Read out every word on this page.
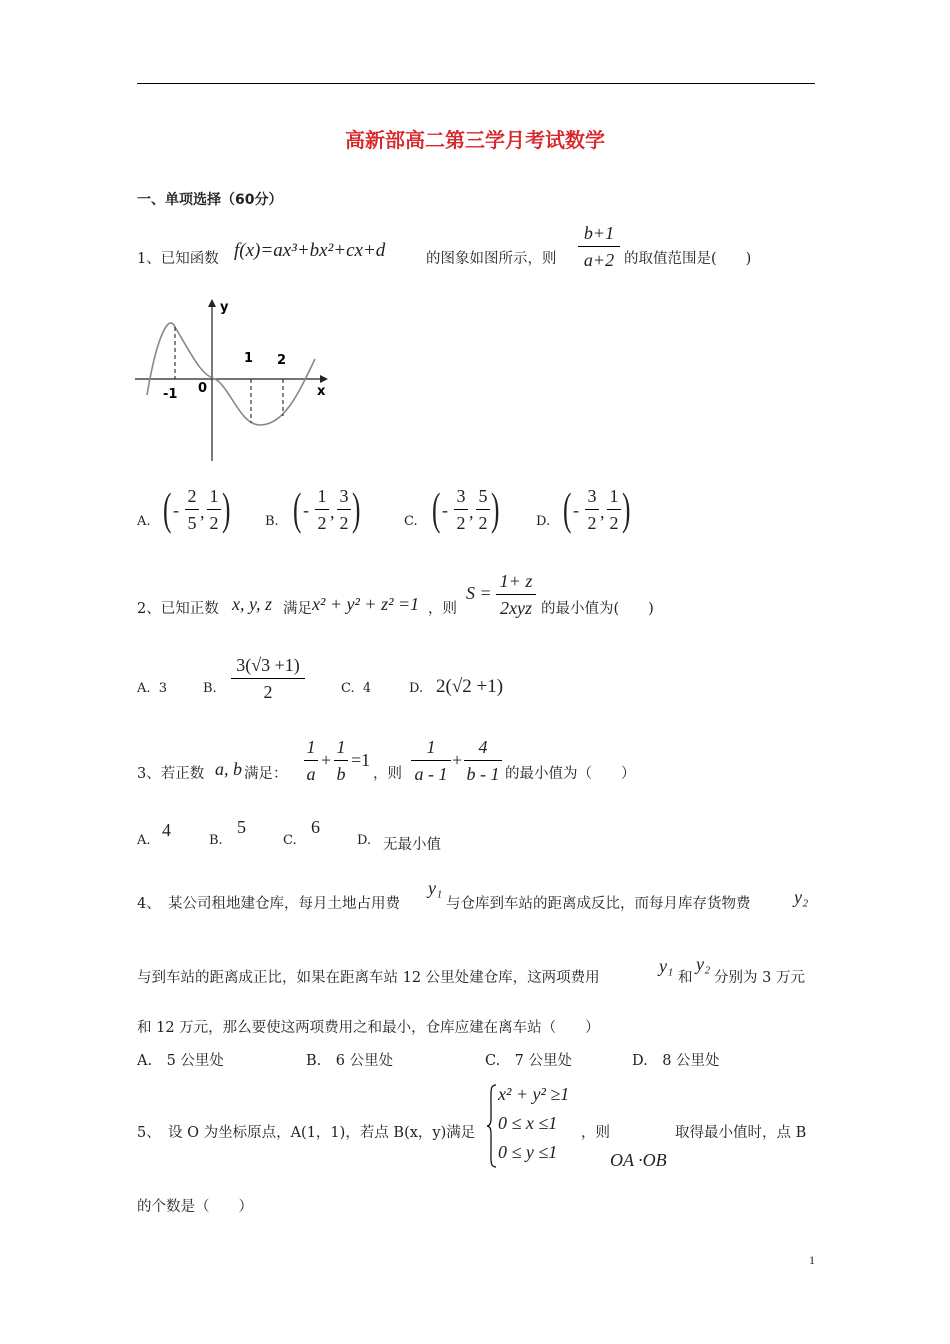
高新部高二第三学月考试数学
一、单项选择（60分）
1、已知函数 f(x)=ax³+bx²+cx+d	的图象如图所示，则
b+1
a+2 的取值范围是(　　)
y
x
0
-1
1 2
A. ( -
2
5
,
1
2 )	B. ( -
1
2
,
3
2 )	C. ( -
3
2
,
5
2 )	D. ( -
3
2
,
1
2 )
2、已知正数 x, y, z 满足 x² + y² + z² =1 ，则
S =
1+ z
2xyz 的最小值为(　　)
A. 3	B.
3(√3 +1)
2	C. 4	D. 2(√2 +1)
3、若正数 a, b 满足：
1
a
+
1
b
=1
，则
1
a - 1
+
4
b - 1 的最小值为（　　）
A.
4
B.
5
C.
6
D. 无最小值
4、　某公司租地建仓库，每月土地占用费
y₁
与仓库到车站的距离成反比，而每月库存货物费 y₂
与到车站的距离成正比，如果在距离车站 12 公里处建仓库，这两项费用
y₁
和
y₂
分别为 3 万元
和 12 万元，那么要使这两项费用之和最小，仓库应建在离车站（　　）
A.　5 公里处	B.　6 公里处	C.　7 公里处	D.　8 公里处
5、　设 O 为坐标原点，A(1，1)，若点 B(x，y)满足
x² + y² ≥1
0 ≤ x ≤1
0 ≤ y ≤1
，则
OA ·OB
取得最小值时，点 B
的个数是（　　）
1
